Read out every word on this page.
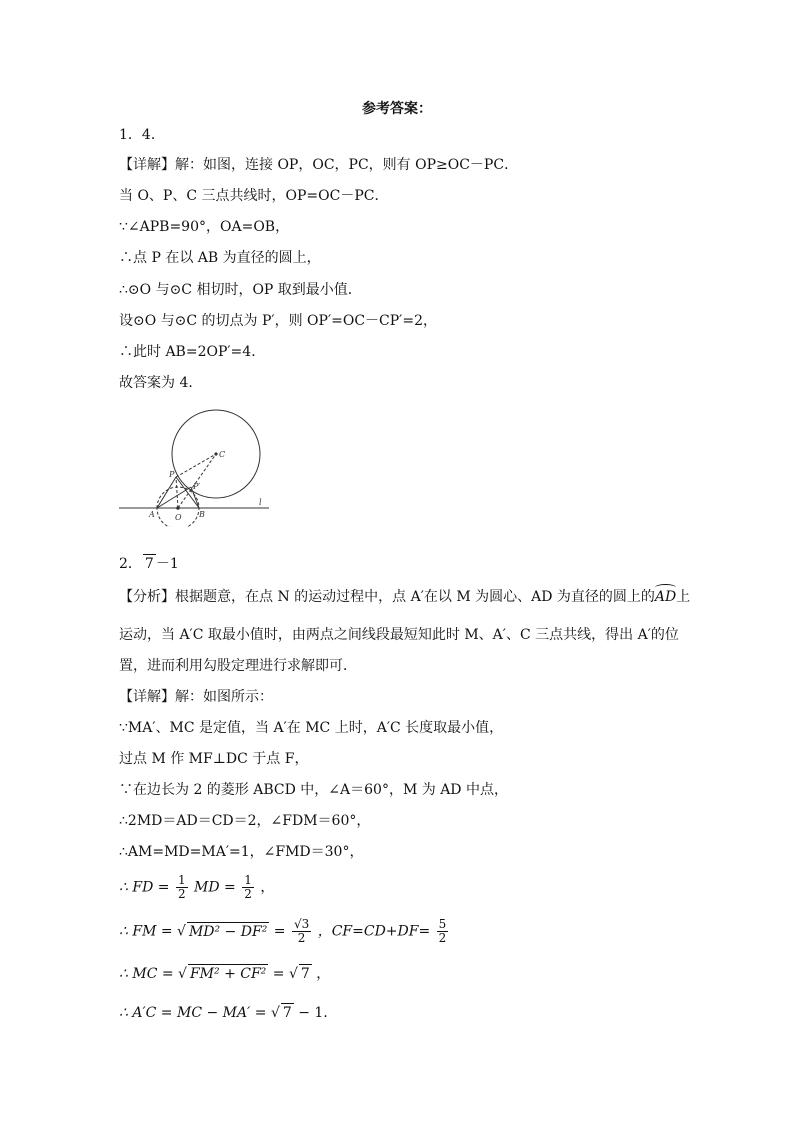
参考答案：
1．4．
【详解】解：如图，连接 OP，OC，PC，则有 OP≥OC－PC．
当 O、P、C 三点共线时，OP=OC－PC．
∵∠APB=90°，OA=OB，
∴点 P 在以 AB 为直径的圆上，
∴⊙O 与⊙C 相切时，OP 取到最小值．
设⊙O 与⊙C 的切点为 P′，则 OP′=OC－CP′=2，
∴此时 AB=2OP′=4．
故答案为 4．
C
P
P′
A	O B
l
2． 7 －1
【分析】根据题意，在点 N 的运动过程中，点 A′在以 M 为圆心、AD 为直径的圆上的AD上
运动，当 A′C 取最小值时，由两点之间线段最短知此时 M、A′、C 三点共线，得出 A′的位
置，进而利用勾股定理进行求解即可．
【详解】解：如图所示：
∵MA′、MC 是定值，当 A′在 MC 上时，A′C 长度取最小值，
过点 M 作 MF⊥DC 于点 F，
∵在边长为 2 的菱形 ABCD 中，∠A＝60°，M 为 AD 中点，
∴2MD＝AD＝CD＝2，∠FDM＝60°，
∴AM=MD=MA′=1，∠FMD＝30°，
∴ FD = $\frac{1}{2}$ MD = $\frac{1}{2}$ ，
∴ FM = √ $MD^2 - DF^2 = \frac{√3}{2}$ ，$CF=CD+DF= \frac{5}{2}$
∴ MC = √ FM² + CF² = √ 7 ，
∴ A′C = MC − MA′ = √ 7 − 1．
